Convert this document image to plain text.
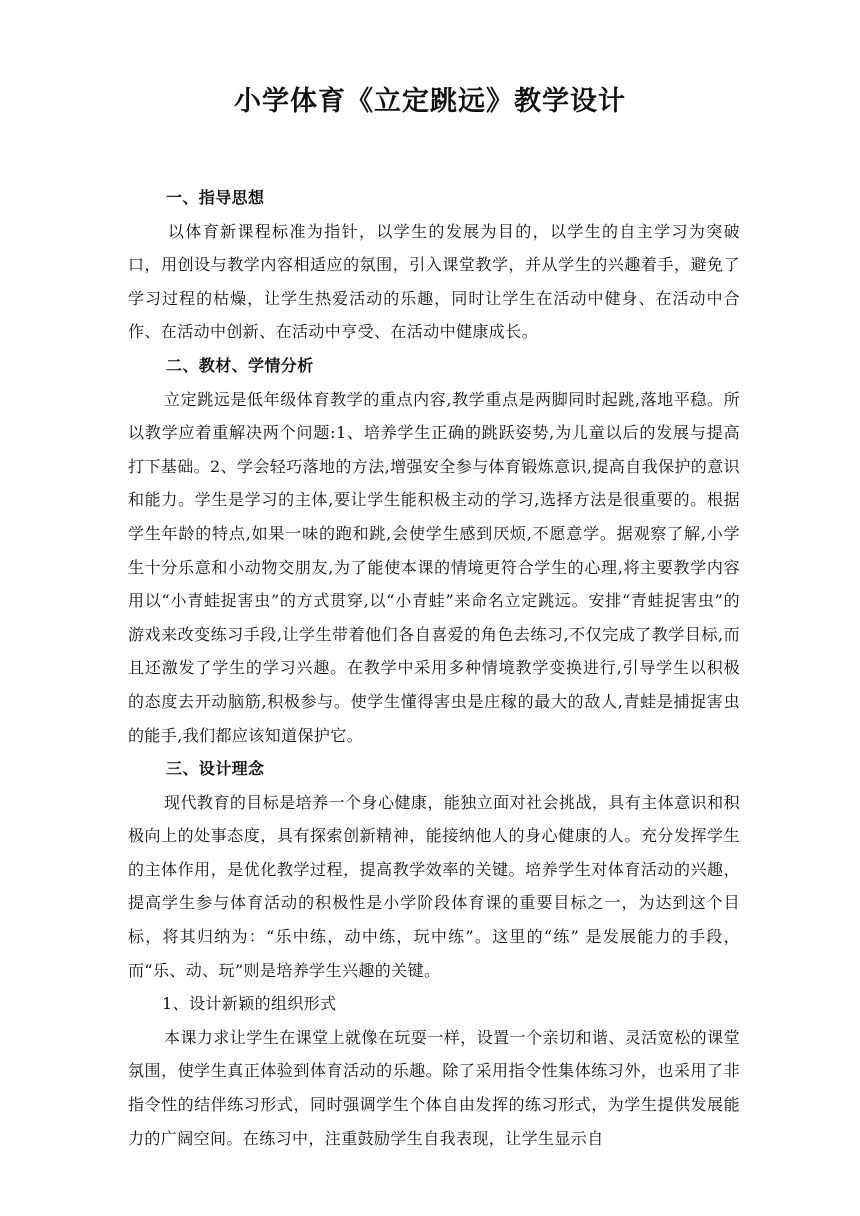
小学体育《立定跳远》教学设计

一、指导思想

以体育新课程标准为指针，以学生的发展为目的，以学生的自主学习为突破口，用创设与教学内容相适应的氛围，引入课堂教学，并从学生的兴趣着手，避免了学习过程的枯燥，让学生热爱活动的乐趣，同时让学生在活动中健身、在活动中合作、在活动中创新、在活动中亨受、在活动中健康成长。

二、教材、学情分析

立定跳远是低年级体育教学的重点内容,教学重点是两脚同时起跳,落地平稳。所以教学应着重解决两个问题:1、培养学生正确的跳跃姿势,为儿童以后的发展与提高打下基础。2、学会轻巧落地的方法,增强安全参与体育锻炼意识,提高自我保护的意识和能力。学生是学习的主体,要让学生能积极主动的学习,选择方法是很重要的。根据学生年龄的特点,如果一味的跑和跳,会使学生感到厌烦,不愿意学。据观察了解,小学生十分乐意和小动物交朋友,为了能使本课的情境更符合学生的心理,将主要教学内容用以“小青蛙捉害虫”的方式贯穿,以“小青蛙”来命名立定跳远。安排“青蛙捉害虫”的游戏来改变练习手段,让学生带着他们各自喜爱的角色去练习,不仅完成了教学目标,而且还激发了学生的学习兴趣。在教学中采用多种情境教学变换进行,引导学生以积极的态度去开动脑筋,积极参与。使学生懂得害虫是庄稼的最大的敌人,青蛙是捕捉害虫的能手,我们都应该知道保护它。

三、设计理念

现代教育的目标是培养一个身心健康，能独立面对社会挑战，具有主体意识和积极向上的处事态度，具有探索创新精神，能接纳他人的身心健康的人。充分发挥学生的主体作用，是优化教学过程，提高教学效率的关键。培养学生对体育活动的兴趣，提高学生参与体育活动的积极性是小学阶段体育课的重要目标之一，为达到这个目标，将其归纳为：“乐中练，动中练，玩中练”。这里的“练” 是发展能力的手段，而“乐、动、玩”则是培养学生兴趣的关键。

1、设计新颖的组织形式

本课力求让学生在课堂上就像在玩耍一样，设置一个亲切和谐、灵活宽松的课堂氛围，使学生真正体验到体育活动的乐趣。除了采用指令性集体练习外，也采用了非指令性的结伴练习形式，同时强调学生个体自由发挥的练习形式，为学生提供发展能力的广阔空间。在练习中，注重鼓励学生自我表现，让学生显示自
